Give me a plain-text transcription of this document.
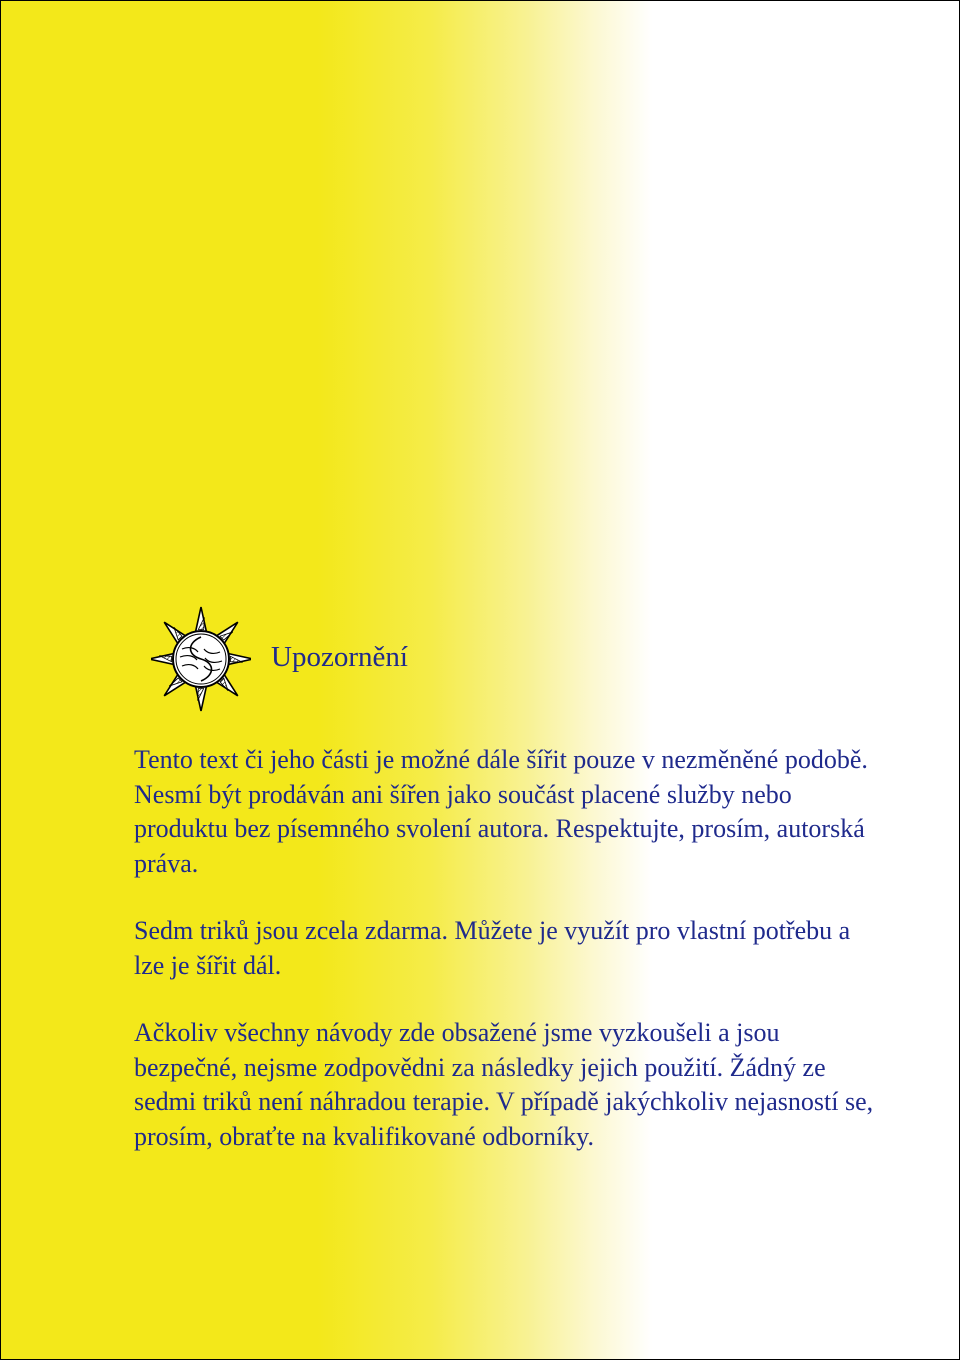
Upozornění

Tento text či jeho části je možné dále šířit pouze v nezměněné podobě. Nesmí být prodáván ani šířen jako součást placené služby nebo produktu bez písemného svolení autora. Respektujte, prosím, autorská práva.

Sedm triků jsou zcela zdarma. Můžete je využít pro vlastní potřebu a lze je šířit dál.

Ačkoliv všechny návody zde obsažené jsme vyzkoušeli a jsou bezpečné, nejsme zodpovědni za následky jejich použití. Žádný ze sedmi triků není náhradou terapie. V případě jakýchkoliv nejasností se, prosím, obraťte na kvalifikované odborníky.
